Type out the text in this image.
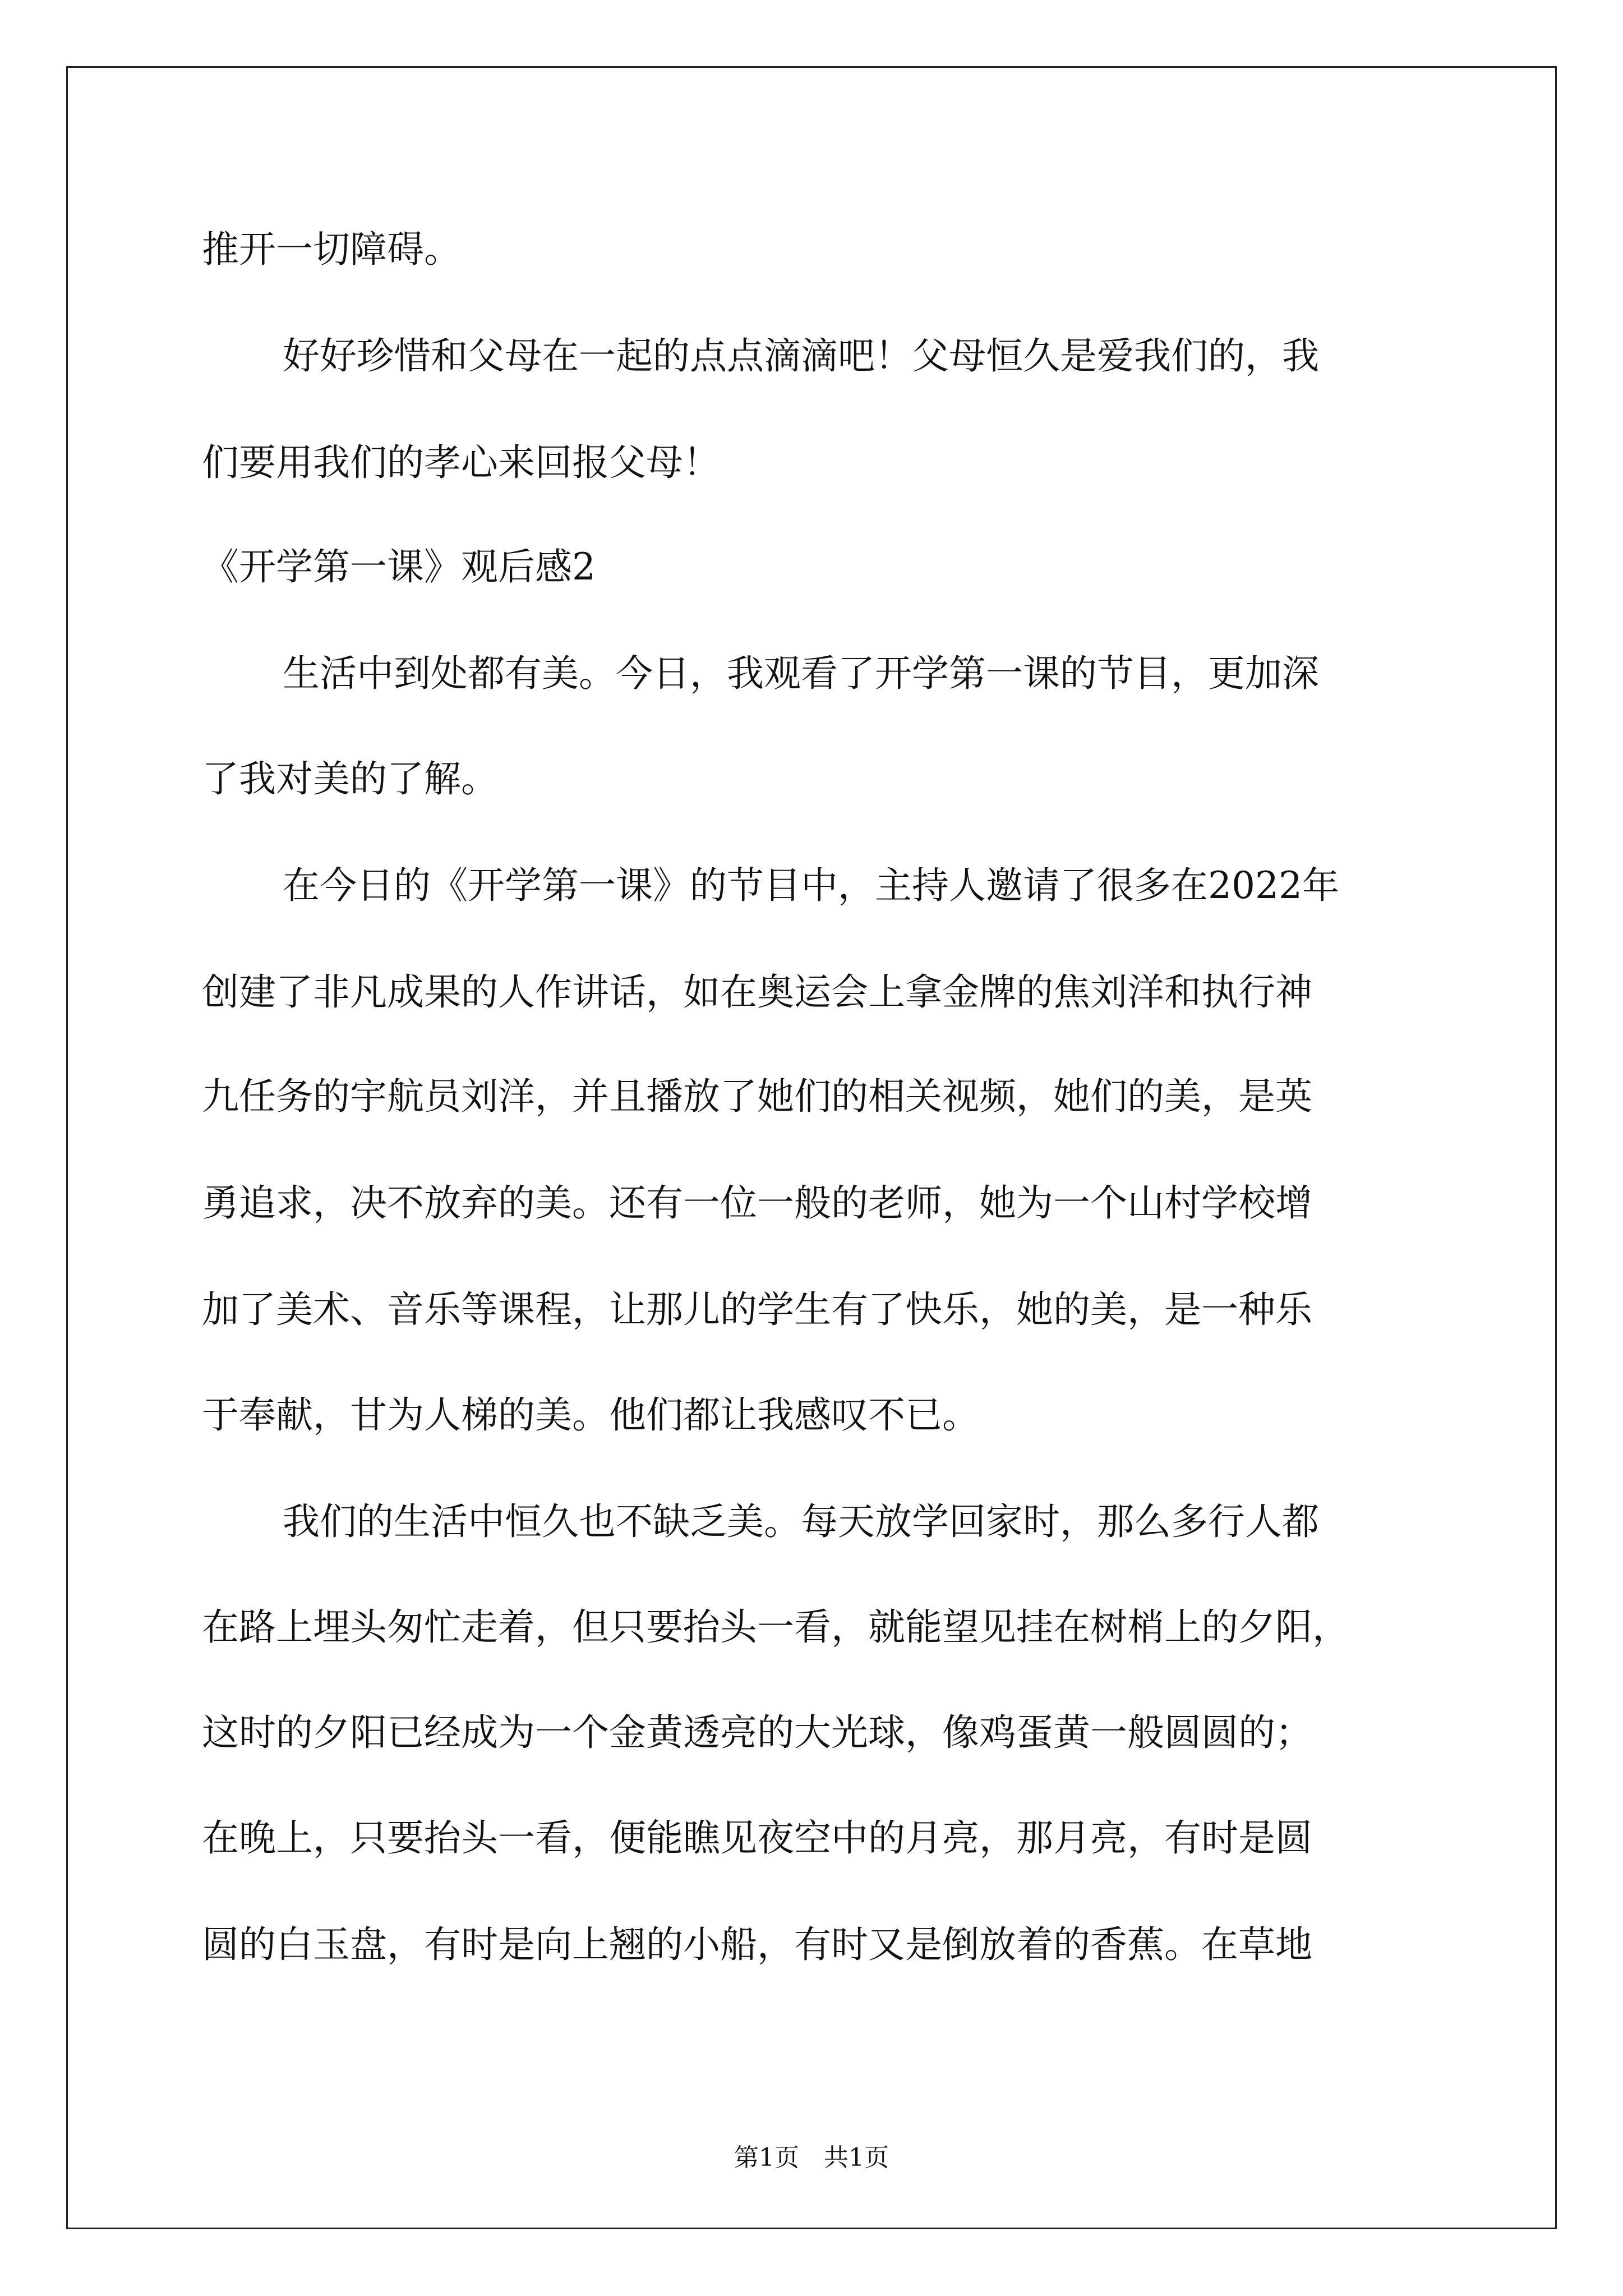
推开一切障碍。
好好珍惜和父母在一起的点点滴滴吧！父母恒久是爱我们的，我
们要用我们的孝心来回报父母！
《开学第一课》观后感2
生活中到处都有美。今日，我观看了开学第一课的节目，更加深
了我对美的了解。
在今日的《开学第一课》的节目中，主持人邀请了很多在2022年
创建了非凡成果的人作讲话，如在奥运会上拿金牌的焦刘洋和执行神
九任务的宇航员刘洋，并且播放了她们的相关视频，她们的美，是英
勇追求，决不放弃的美。还有一位一般的老师，她为一个山村学校增
加了美术、音乐等课程，让那儿的学生有了快乐，她的美，是一种乐
于奉献，甘为人梯的美。他们都让我感叹不已。
我们的生活中恒久也不缺乏美。每天放学回家时，那么多行人都
在路上埋头匆忙走着，但只要抬头一看，就能望见挂在树梢上的夕阳，
这时的夕阳已经成为一个金黄透亮的大光球，像鸡蛋黄一般圆圆的；
在晚上，只要抬头一看，便能瞧见夜空中的月亮，那月亮，有时是圆
圆的白玉盘，有时是向上翘的小船，有时又是倒放着的香蕉。在草地
第1页　共1页
